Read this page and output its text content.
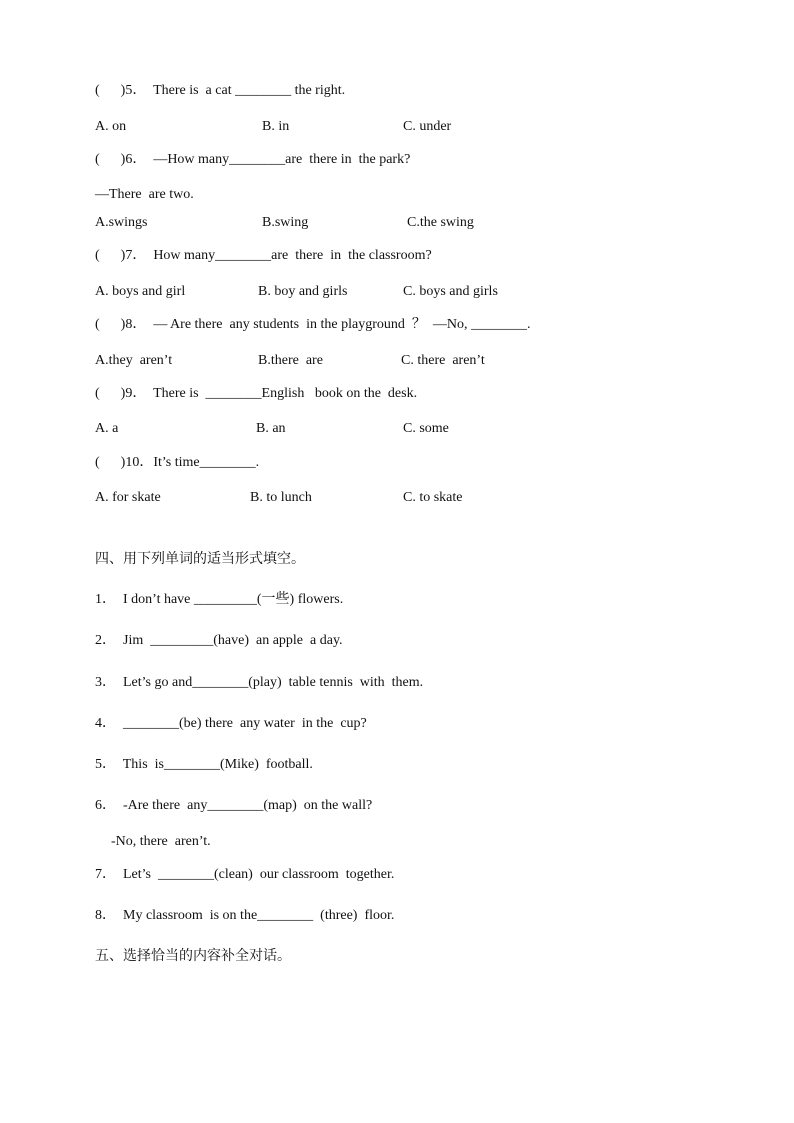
(      )5．  There is  a cat ________ the right.
A. on	B. in	C. under
(      )6．  —How many________are  there in  the park?
—There  are two.
A.swings	B.swing	C.the swing
(      )7．  How many________are  there  in  the classroom?
A. boys and girl	B. boy and girls	C. boys and girls
(      )8．  — Are there  any students  in the playground  ？  —No, ________.
A.they  aren’t	B.there  are	C. there  aren’t
(      )9．  There is  ________English   book on the  desk.
A. a	B. an	C. some
(      )10．It’s time________.
A. for skate	B. to lunch	C. to skate
四、用下列单词的适当形式填空。
1．  I don’t have _________(一些) flowers.
2．  Jim  _________(have)  an apple  a day.
3．  Let’s go and________(play)  table tennis  with  them.
4．  ________(be) there  any water  in the  cup?
5．  This  is________(Mike)  football.
6．  -Are there  any________(map)  on the wall?
-No, there  aren’t.
7．  Let’s  ________(clean)  our classroom  together.
8．  My classroom  is on the________  (three)  floor.
五、选择恰当的内容补全对话。
